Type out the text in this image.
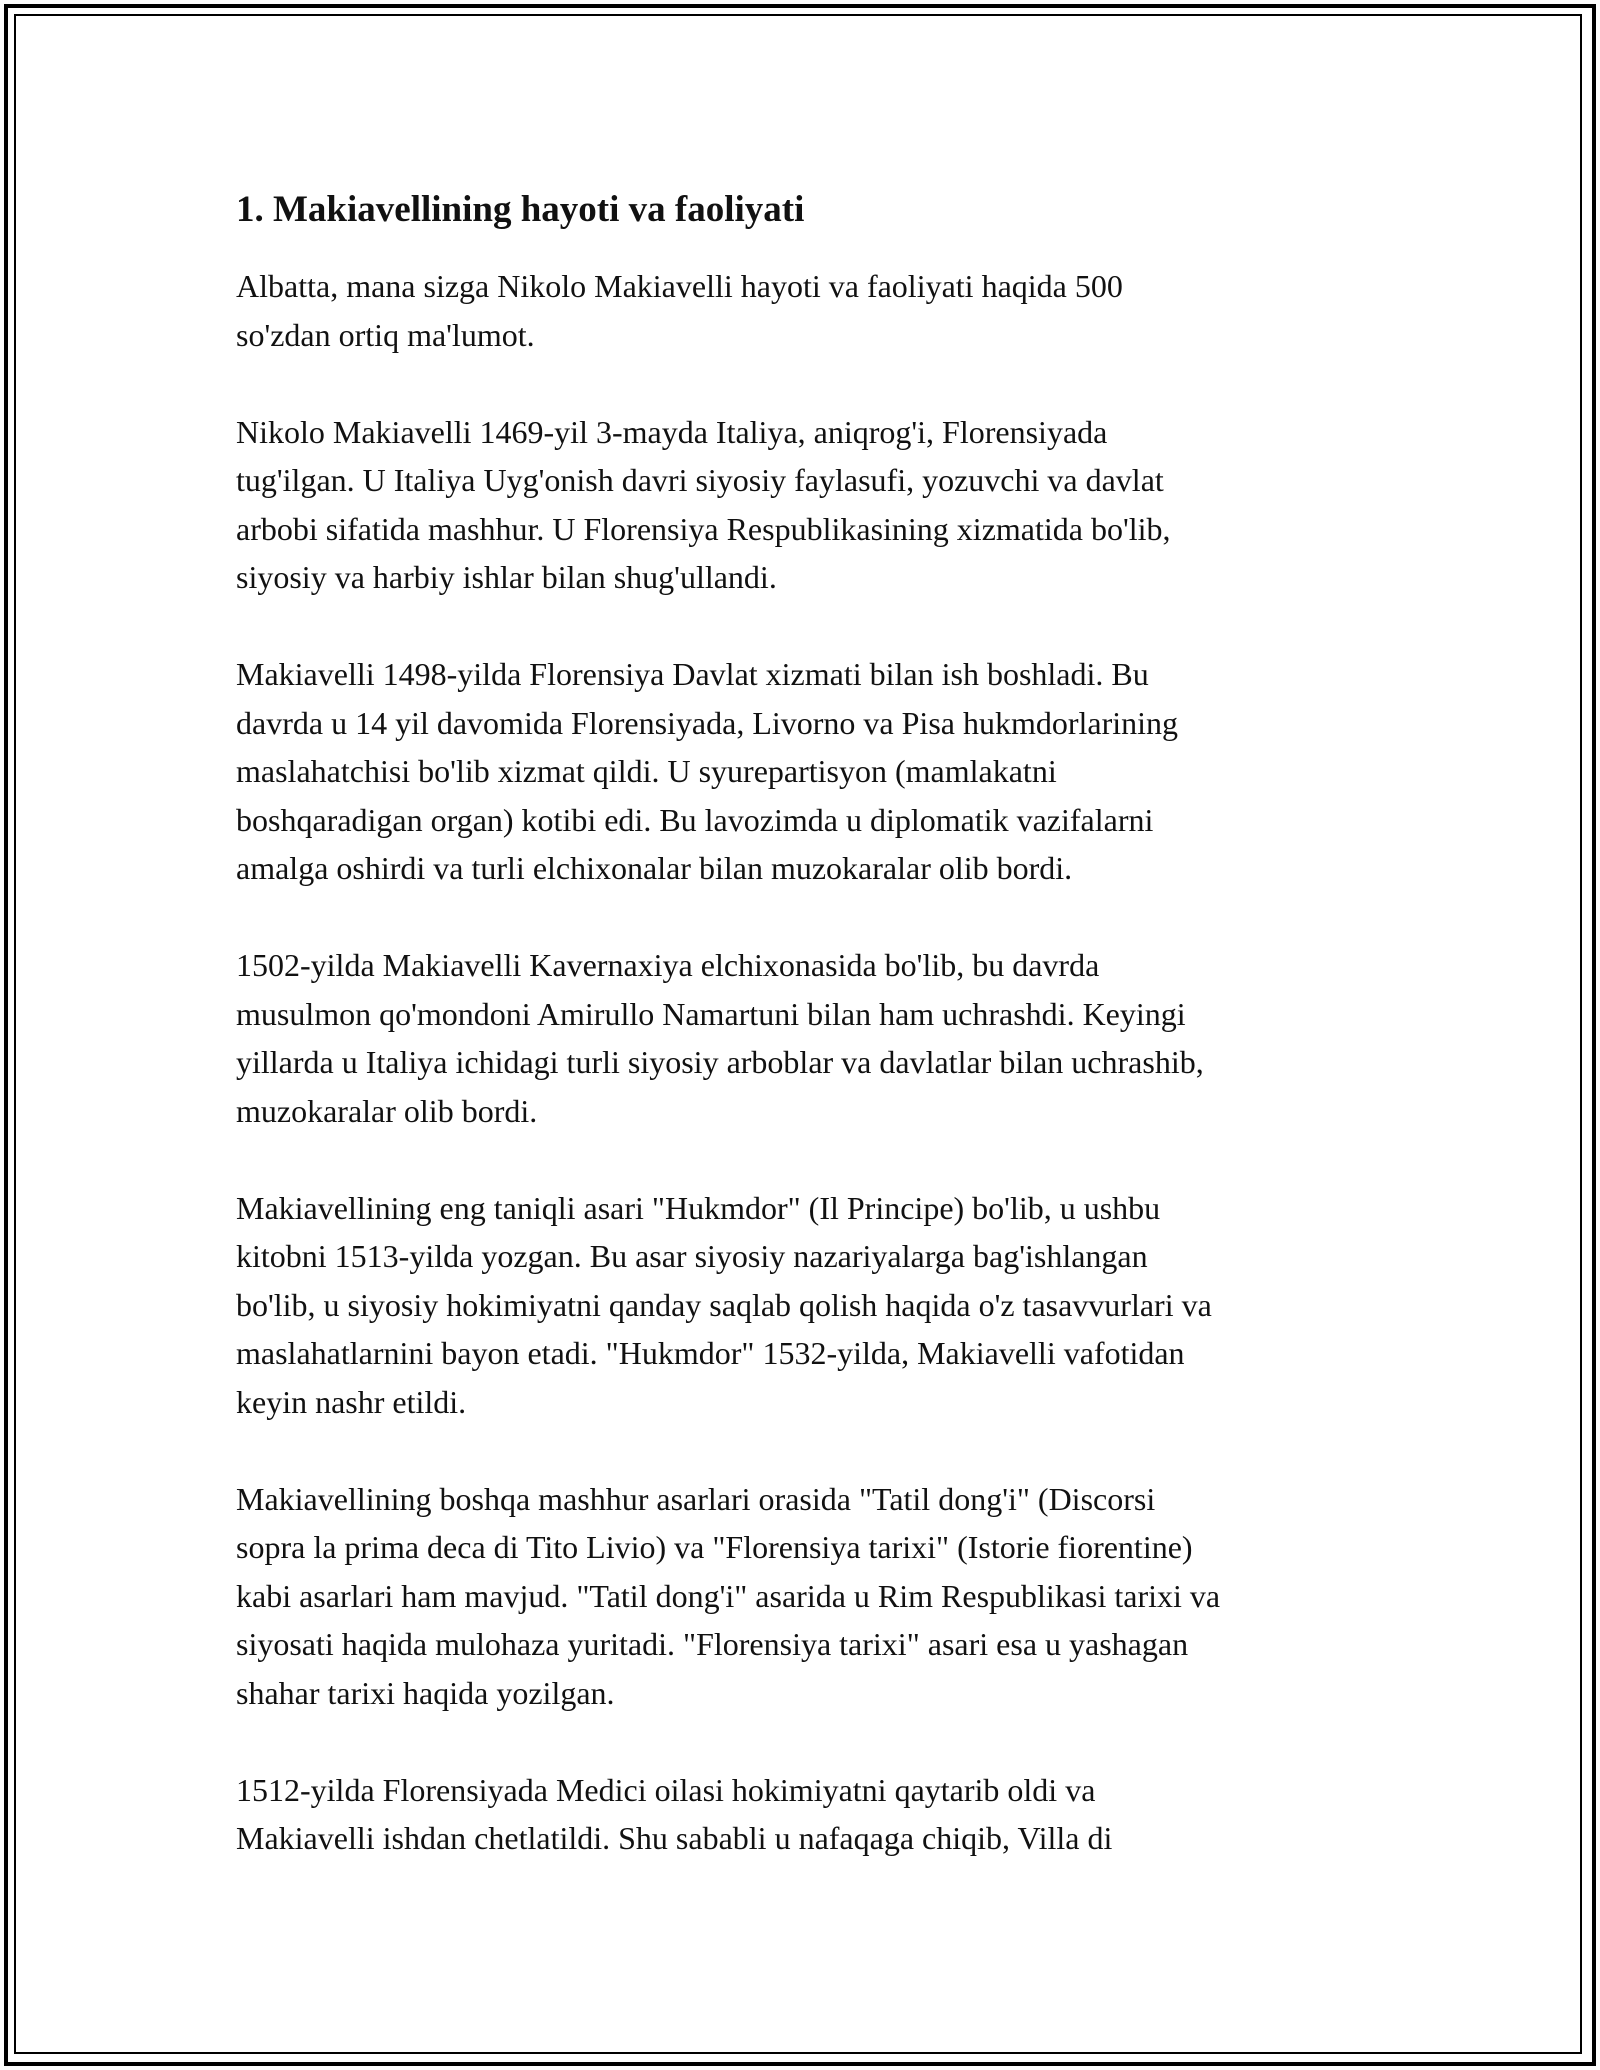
1. Makiavellining hayoti va faoliyati
Albatta, mana sizga Nikolo Makiavelli hayoti va faoliyati haqida 500
so'zdan ortiq ma'lumot.
Nikolo Makiavelli 1469-yil 3-mayda Italiya, aniqrog'i, Florensiyada
tug'ilgan. U Italiya Uyg'onish davri siyosiy faylasufi, yozuvchi va davlat
arbobi sifatida mashhur. U Florensiya Respublikasining xizmatida bo'lib,
siyosiy va harbiy ishlar bilan shug'ullandi.
Makiavelli 1498-yilda Florensiya Davlat xizmati bilan ish boshladi. Bu
davrda u 14 yil davomida Florensiyada, Livorno va Pisa hukmdorlarining
maslahatchisi bo'lib xizmat qildi. U syurepartisyon (mamlakatni
boshqaradigan organ) kotibi edi. Bu lavozimda u diplomatik vazifalarni
amalga oshirdi va turli elchixonalar bilan muzokaralar olib bordi.
1502-yilda Makiavelli Kavernaxiya elchixonasida bo'lib, bu davrda
musulmon qo'mondoni Amirullo Namartuni bilan ham uchrashdi. Keyingi
yillarda u Italiya ichidagi turli siyosiy arboblar va davlatlar bilan uchrashib,
muzokaralar olib bordi.
Makiavellining eng taniqli asari "Hukmdor" (Il Principe) bo'lib, u ushbu
kitobni 1513-yilda yozgan. Bu asar siyosiy nazariyalarga bag'ishlangan
bo'lib, u siyosiy hokimiyatni qanday saqlab qolish haqida o'z tasavvurlari va
maslahatlarnini bayon etadi. "Hukmdor" 1532-yilda, Makiavelli vafotidan
keyin nashr etildi.
Makiavellining boshqa mashhur asarlari orasida "Tatil dong'i" (Discorsi
sopra la prima deca di Tito Livio) va "Florensiya tarixi" (Istorie fiorentine)
kabi asarlari ham mavjud. "Tatil dong'i" asarida u Rim Respublikasi tarixi va
siyosati haqida mulohaza yuritadi. "Florensiya tarixi" asari esa u yashagan
shahar tarixi haqida yozilgan.
1512-yilda Florensiyada Medici oilasi hokimiyatni qaytarib oldi va
Makiavelli ishdan chetlatildi. Shu sababli u nafaqaga chiqib, Villa di
